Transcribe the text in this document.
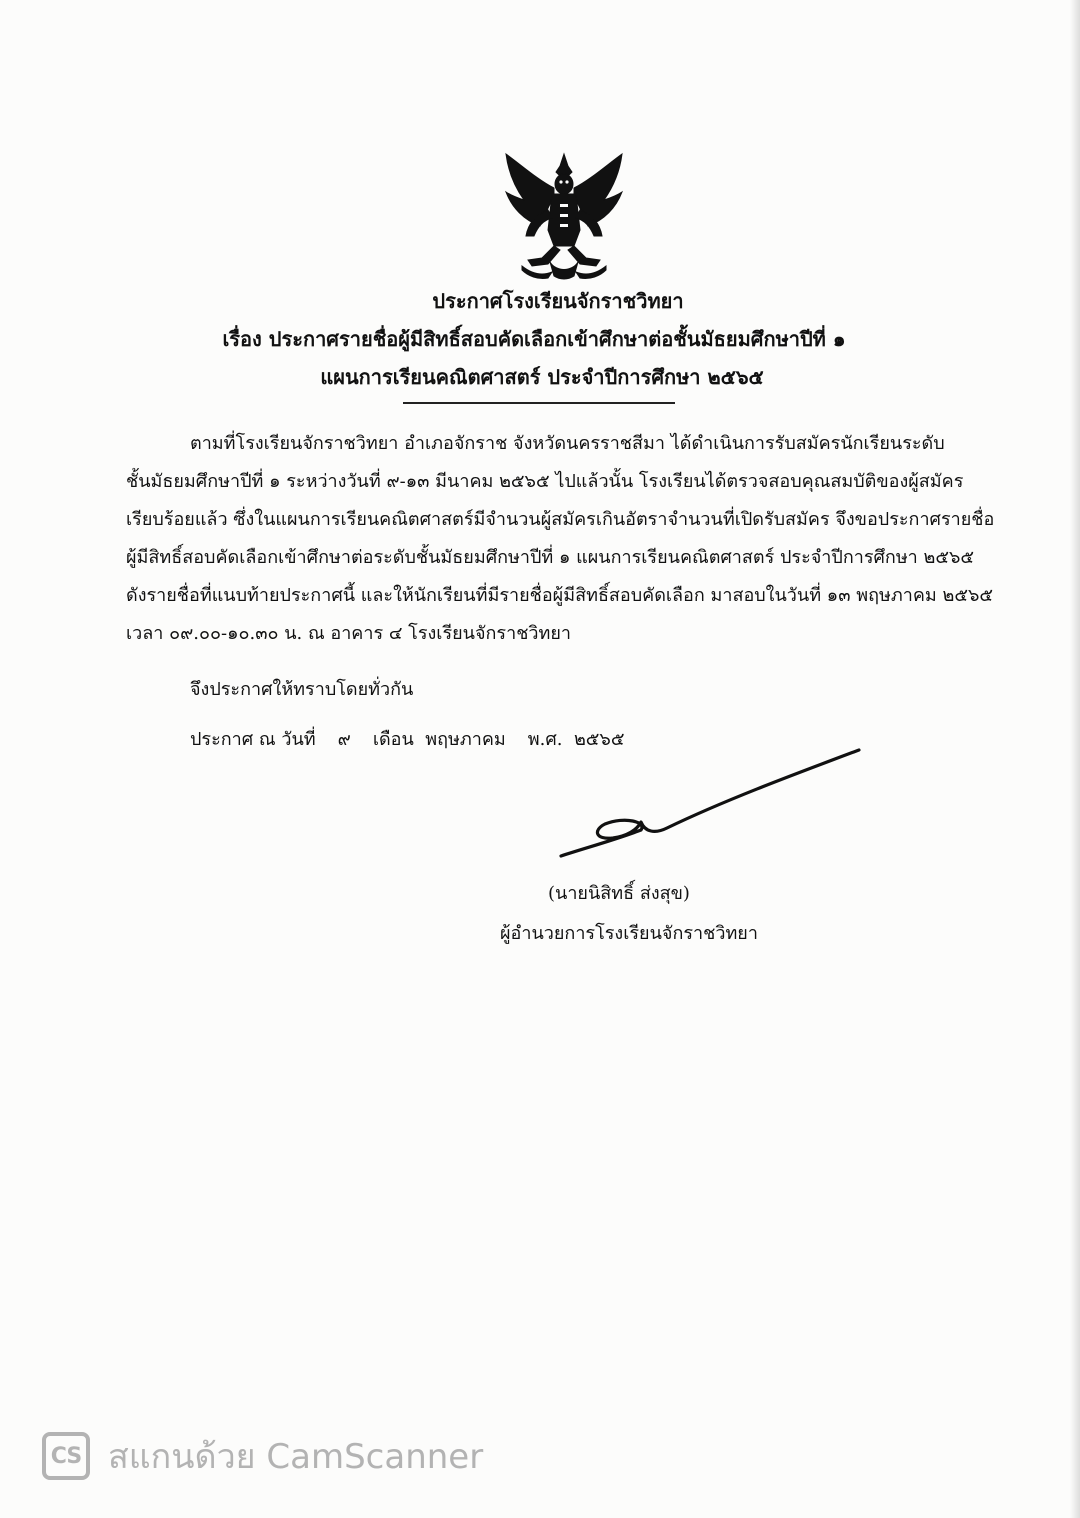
ประกาศโรงเรียนจักราชวิทยา
เรื่อง ประกาศรายชื่อผู้มีสิทธิ์สอบคัดเลือกเข้าศึกษาต่อชั้นมัธยมศึกษาปีที่ ๑
แผนการเรียนคณิตศาสตร์ ประจำปีการศึกษา ๒๕๖๕
ตามที่โรงเรียนจักราชวิทยา อำเภอจักราช จังหวัดนครราชสีมา ได้ดำเนินการรับสมัครนักเรียนระดับ
ชั้นมัธยมศึกษาปีที่ ๑ ระหว่างวันที่ ๙-๑๓ มีนาคม ๒๕๖๕ ไปแล้วนั้น โรงเรียนได้ตรวจสอบคุณสมบัติของผู้สมัคร
เรียบร้อยแล้ว ซึ่งในแผนการเรียนคณิตศาสตร์มีจำนวนผู้สมัครเกินอัตราจำนวนที่เปิดรับสมัคร จึงขอประกาศรายชื่อ
ผู้มีสิทธิ์สอบคัดเลือกเข้าศึกษาต่อระดับชั้นมัธยมศึกษาปีที่ ๑ แผนการเรียนคณิตศาสตร์ ประจำปีการศึกษา ๒๕๖๕
ดังรายชื่อที่แนบท้ายประกาศนี้ และให้นักเรียนที่มีรายชื่อผู้มีสิทธิ์สอบคัดเลือก มาสอบในวันที่ ๑๓ พฤษภาคม ๒๕๖๕
เวลา ๐๙.๐๐-๑๐.๓๐ น. ณ อาคาร ๔ โรงเรียนจักราชวิทยา
จึงประกาศให้ทราบโดยทั่วกัน
ประกาศ ณ วันที่ ๙ เดือน พฤษภาคม พ.ศ. ๒๕๖๕
(นายนิสิทธิ์ ส่งสุข)
ผู้อำนวยการโรงเรียนจักราชวิทยา
CS สแกนด้วย CamScanner
